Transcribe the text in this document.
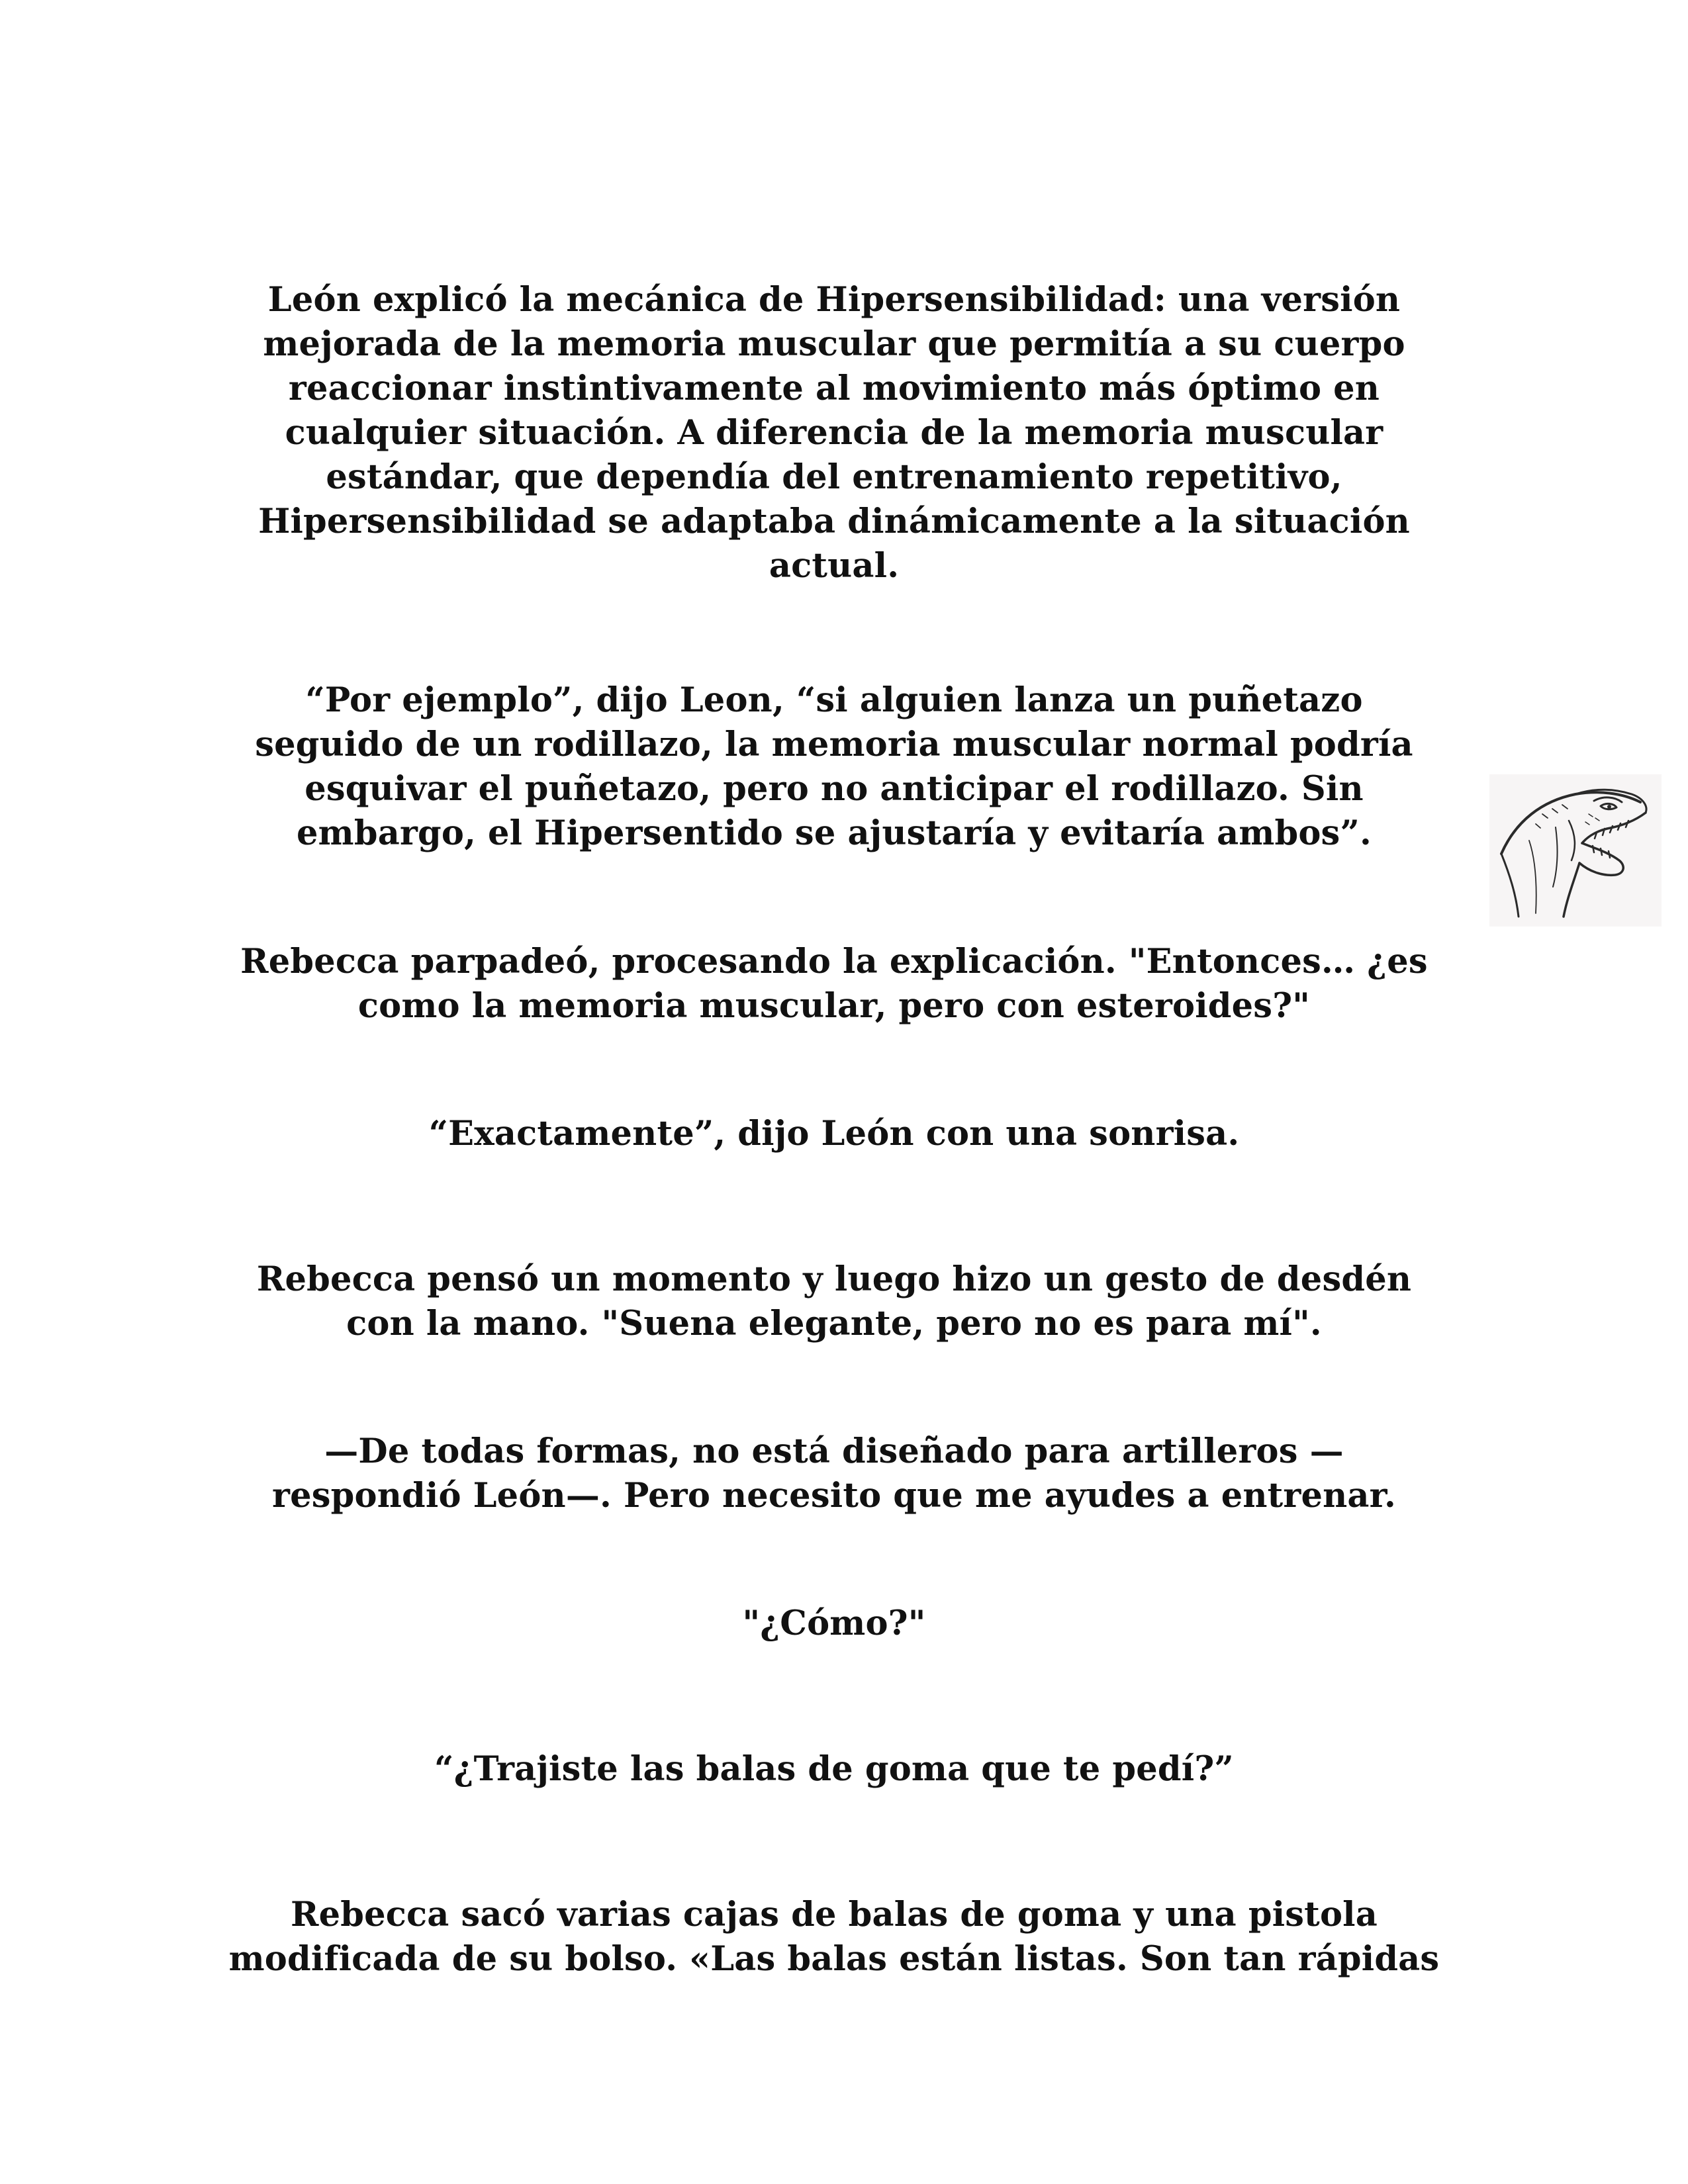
León explicó la mecánica de Hipersensibilidad: una versión
mejorada de la memoria muscular que permitía a su cuerpo
reaccionar instintivamente al movimiento más óptimo en
cualquier situación. A diferencia de la memoria muscular
estándar, que dependía del entrenamiento repetitivo,
Hipersensibilidad se adaptaba dinámicamente a la situación
actual.

“Por ejemplo”, dijo Leon, “si alguien lanza un puñetazo
seguido de un rodillazo, la memoria muscular normal podría
esquivar el puñetazo, pero no anticipar el rodillazo. Sin
embargo, el Hipersentido se ajustaría y evitaría ambos”.

Rebecca parpadeó, procesando la explicación. "Entonces… ¿es
como la memoria muscular, pero con esteroides?"

“Exactamente”, dijo León con una sonrisa.

Rebecca pensó un momento y luego hizo un gesto de desdén
con la mano. "Suena elegante, pero no es para mí".

—De todas formas, no está diseñado para artilleros —
respondió León—. Pero necesito que me ayudes a entrenar.

"¿Cómo?"

“¿Trajiste las balas de goma que te pedí?”

Rebecca sacó varias cajas de balas de goma y una pistola
modificada de su bolso. «Las balas están listas. Son tan rápidas
